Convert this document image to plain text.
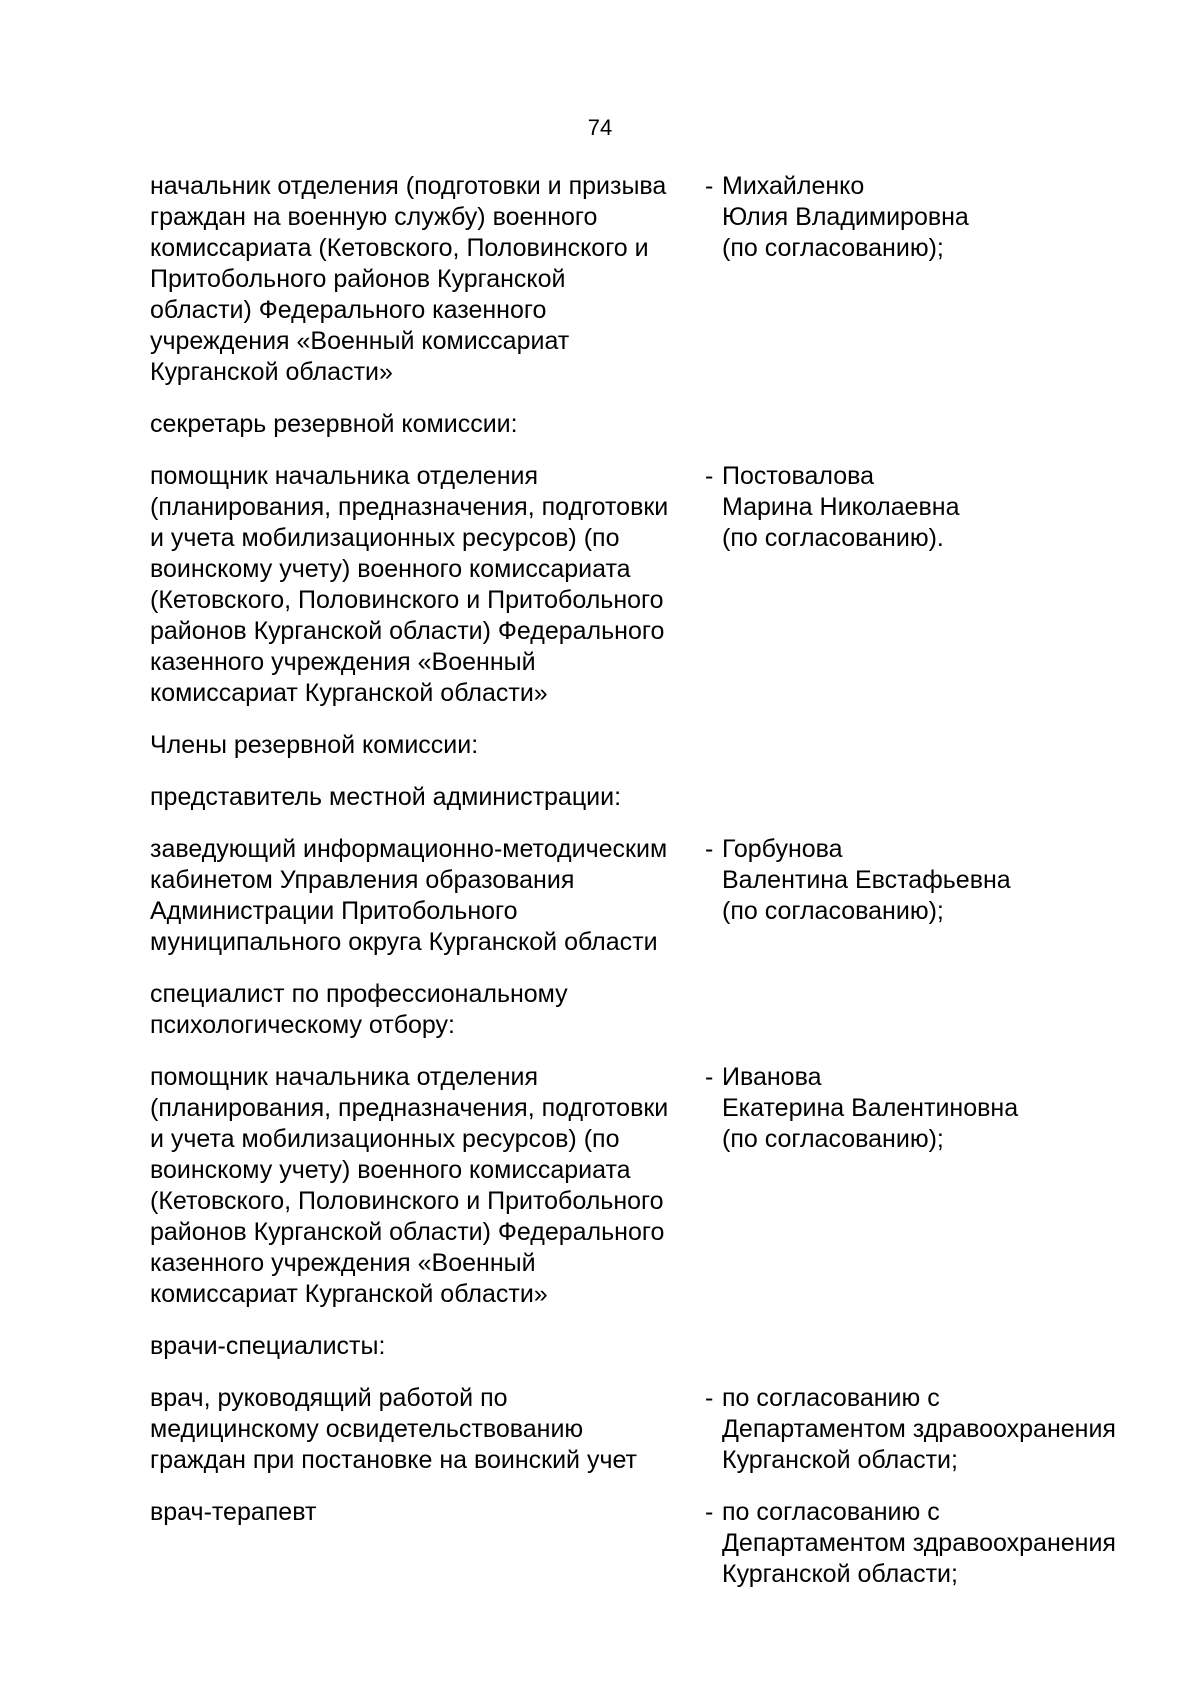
74
начальник отделения (подготовки и призыва
граждан на военную службу) военного
комиссариата (Кетовского, Половинского и
Притобольного районов Курганской
области) Федерального казенного
учреждения «Военный комиссариат
Курганской области»
- Михайленко
Юлия Владимировна
(по согласованию);
секретарь резервной комиссии:
помощник начальника отделения
(планирования, предназначения, подготовки
и учета мобилизационных ресурсов) (по
воинскому учету) военного комиссариата
(Кетовского, Половинского и Притобольного
районов Курганской области) Федерального
казенного учреждения «Военный
комиссариат Курганской области»
- Постовалова
Марина Николаевна
(по согласованию).
Члены резервной комиссии:
представитель местной администрации:
заведующий информационно-методическим
кабинетом Управления образования
Администрации Притобольного
муниципального округа Курганской области
- Горбунова
Валентина Евстафьевна
(по согласованию);
специалист по профессиональному
психологическому отбору:
помощник начальника отделения
(планирования, предназначения, подготовки
и учета мобилизационных ресурсов) (по
воинскому учету) военного комиссариата
(Кетовского, Половинского и Притобольного
районов Курганской области) Федерального
казенного учреждения «Военный
комиссариат Курганской области»
- Иванова
Екатерина Валентиновна
(по согласованию);
врачи-специалисты:
врач, руководящий работой по
медицинскому освидетельствованию
граждан при постановке на воинский учет
- по согласованию с
Департаментом здравоохранения
Курганской области;
врач-терапевт	- по согласованию с
Департаментом здравоохранения
Курганской области;
